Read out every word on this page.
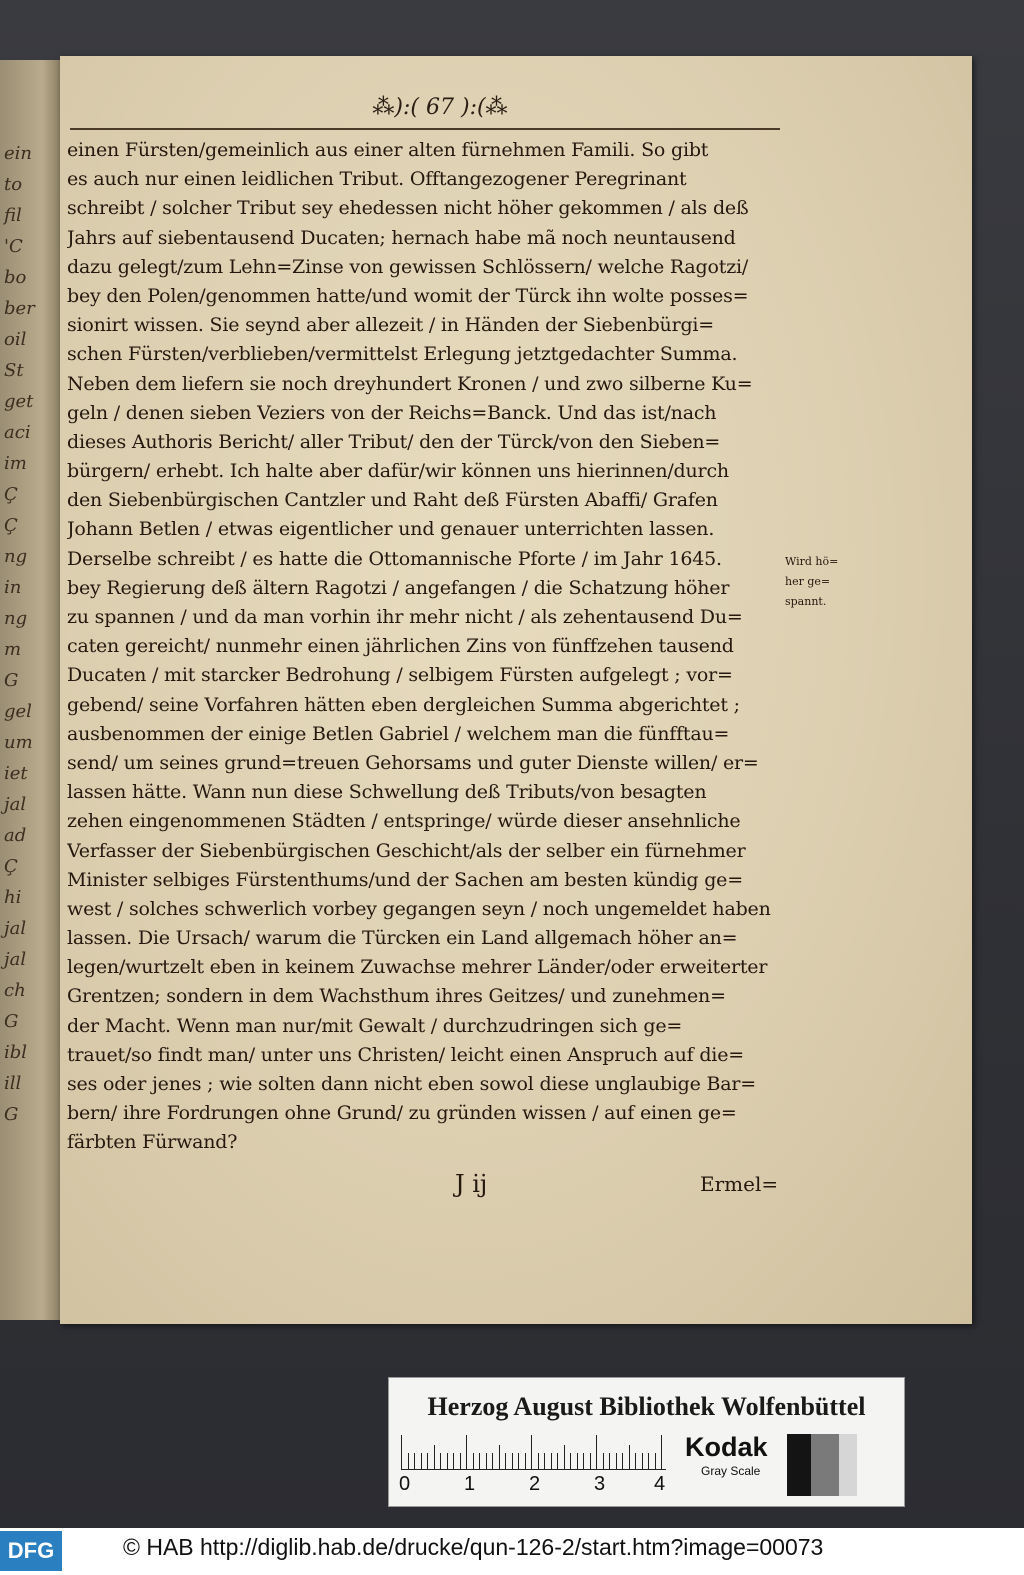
ein
to
fil
'C
bo
ber
oil
St
get
aci
im
Ç
Ç
ng
in
ng
m
G
gel
um
iet
jal
ad
Ç
hi
jal
jal
ch
G
ibl
ill
G
⁂):( 67 ):(⁂
einen Fürsten/gemeinlich aus einer alten fürnehmen Famili. So gibt
es auch nur einen leidlichen Tribut. Offtangezogener Peregrinant
schreibt / solcher Tribut sey ehedessen nicht höher gekommen / als deß
Jahrs auf siebentausend Ducaten; hernach habe mã noch neuntausend
dazu gelegt/zum Lehn=Zinse von gewissen Schlössern/ welche Ragotzi/
bey den Polen/genommen hatte/und womit der Türck ihn wolte posses=
sionirt wissen. Sie seynd aber allezeit / in Händen der Siebenbürgi=
schen Fürsten/verblieben/vermittelst Erlegung jetztgedachter Summa.
Neben dem liefern sie noch dreyhundert Kronen / und zwo silberne Ku=
geln / denen sieben Veziers von der Reichs=Banck. Und das ist/nach
dieses Authoris Bericht/ aller Tribut/ den der Türck/von den Sieben=
bürgern/ erhebt. Ich halte aber dafür/wir können uns hierinnen/durch
den Siebenbürgischen Cantzler und Raht deß Fürsten Abaffi/ Grafen
Johann Betlen / etwas eigentlicher und genauer unterrichten lassen.
Derselbe schreibt / es hatte die Ottomannische Pforte / im Jahr 1645.
bey Regierung deß ältern Ragotzi / angefangen / die Schatzung höher
zu spannen / und da man vorhin ihr mehr nicht / als zehentausend Du=
caten gereicht/ nunmehr einen jährlichen Zins von fünffzehen tausend
Ducaten / mit starcker Bedrohung / selbigem Fürsten aufgelegt ; vor=
gebend/ seine Vorfahren hätten eben dergleichen Summa abgerichtet ;
ausbenommen der einige Betlen Gabriel / welchem man die fünfftau=
send/ um seines grund=treuen Gehorsams und guter Dienste willen/ er=
lassen hätte. Wann nun diese Schwellung deß Tributs/von besagten
zehen eingenommenen Städten / entspringe/ würde dieser ansehnliche
Verfasser der Siebenbürgischen Geschicht/als der selber ein fürnehmer
Minister selbiges Fürstenthums/und der Sachen am besten kündig ge=
west / solches schwerlich vorbey gegangen seyn / noch ungemeldet haben
lassen. Die Ursach/ warum die Türcken ein Land allgemach höher an=
legen/wurtzelt eben in keinem Zuwachse mehrer Länder/oder erweiterter
Grentzen; sondern in dem Wachsthum ihres Geitzes/ und zunehmen=
der Macht. Wenn man nur/mit Gewalt / durchzudringen sich ge=
trauet/so findt man/ unter uns Christen/ leicht einen Anspruch auf die=
ses oder jenes ; wie solten dann nicht eben sowol diese unglaubige Bar=
bern/ ihre Fordrungen ohne Grund/ zu gründen wissen / auf einen ge=
färbten Fürwand?
Wird hö=
her ge=
spannt.
J ij	Ermel=
Herzog August Bibliothek Wolfenbüttel
0	1	2	3 4
Kodak
Gray Scale
DFG	© HAB http://diglib.hab.de/drucke/qun-126-2/start.htm?image=00073
